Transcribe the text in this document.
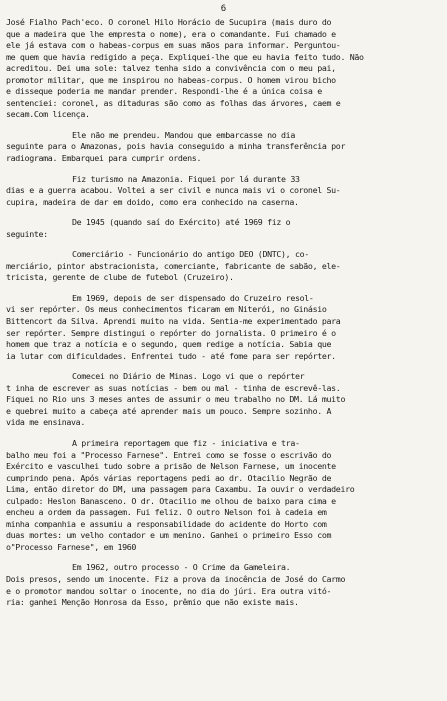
6
José Fialho Pach'eco. O coronel Hilo Horácio de Sucupira (mais duro do
que a madeira que lhe empresta o nome), era o comandante. Fui chamado e
ele já estava com o habeas-corpus em suas mãos para informar. Perguntou-
me quem que havia redigido a peça. Expliquei-lhe que eu havia feito tudo. Não
acreditou. Dei uma sole: talvez tenha sido a convivência com o meu pai,
promotor militar, que me inspirou no habeas-corpus. O homem virou bicho
e disseque poderia me mandar prender. Respondi-lhe é a única coisa e
sentenciei: coronel, as ditaduras são como as folhas das árvores, caem e
secam.Com licença.
Ele não me prendeu. Mandou que embarcasse no dia
seguinte para o Amazonas, pois havia conseguido a minha transferência por
radiograma. Embarquei para cumprir ordens.
Fiz turismo na Amazonia. Fiquei por lá durante 33
dias e a guerra acabou. Voltei a ser civil e nunca mais vi o coronel Su-
cupira, madeira de dar em doido, como era conhecido na caserna.
De 1945 (quando saí do Exército) até 1969 fiz o
seguinte:
Comerciário - Funcionário do antigo DEO (DNTC), co-
merciário, pintor abstracionista, comerciante, fabricante de sabão, ele-
tricista, gerente de clube de futebol (Cruzeiro).
Em 1969, depois de ser dispensado do Cruzeiro resol-
vi ser repórter. Os meus conhecimentos ficaram em Niterói, no Ginásio
Bittencort da Silva. Aprendi muito na vida. Sentia-me experimentado para
ser repórter. Sempre distingui o repórter do jornalista. O primeiro é o
homem que traz a notícia e o segundo, quem redige a notícia. Sabia que
ia lutar com dificuldades. Enfrentei tudo - até fome para ser repórter.
Comecei no Diário de Minas. Logo vi que o repórter
t inha de escrever as suas notícias - bem ou mal - tinha de escrevê-las.
Fiquei no Rio uns 3 meses antes de assumir o meu trabalho no DM. Lá muito
e quebrei muito a cabeça até aprender mais um pouco. Sempre sozinho. A
vida me ensinava.
A primeira reportagem que fiz - iniciativa e tra-
balho meu foi a "Processo Farnese". Entrei como se fosse o escrivão do
Exército e vasculhei tudo sobre a prisão de Nelson Farnese, um inocente
cumprindo pena. Após várias reportagens pedi ao dr. Otacilio Negrão de
Lima, então diretor do DM, uma passagem para Caxambu. Ia ouvir o verdadeiro
culpado: Heslon Banasceno. O dr. Otacilio me olhou de baixo para cima e
encheu a ordem da passagem. Fui feliz. O outro Nelson foi à cadeia em
minha companhia e assumiu a responsabilidade do acidente do Horto com
duas mortes: um velho contador e um menino. Ganhei o primeiro Esso com
o"Processo Farnese", em 1960
Em 1962, outro processo - O Crime da Gameleira.
Dois presos, sendo um inocente. Fiz a prova da inocência de José do Carmo
e o promotor mandou soltar o inocente, no dia do júri. Era outra vitó-
ria: ganhei Menção Honrosa da Esso, prêmio que não existe mais.
